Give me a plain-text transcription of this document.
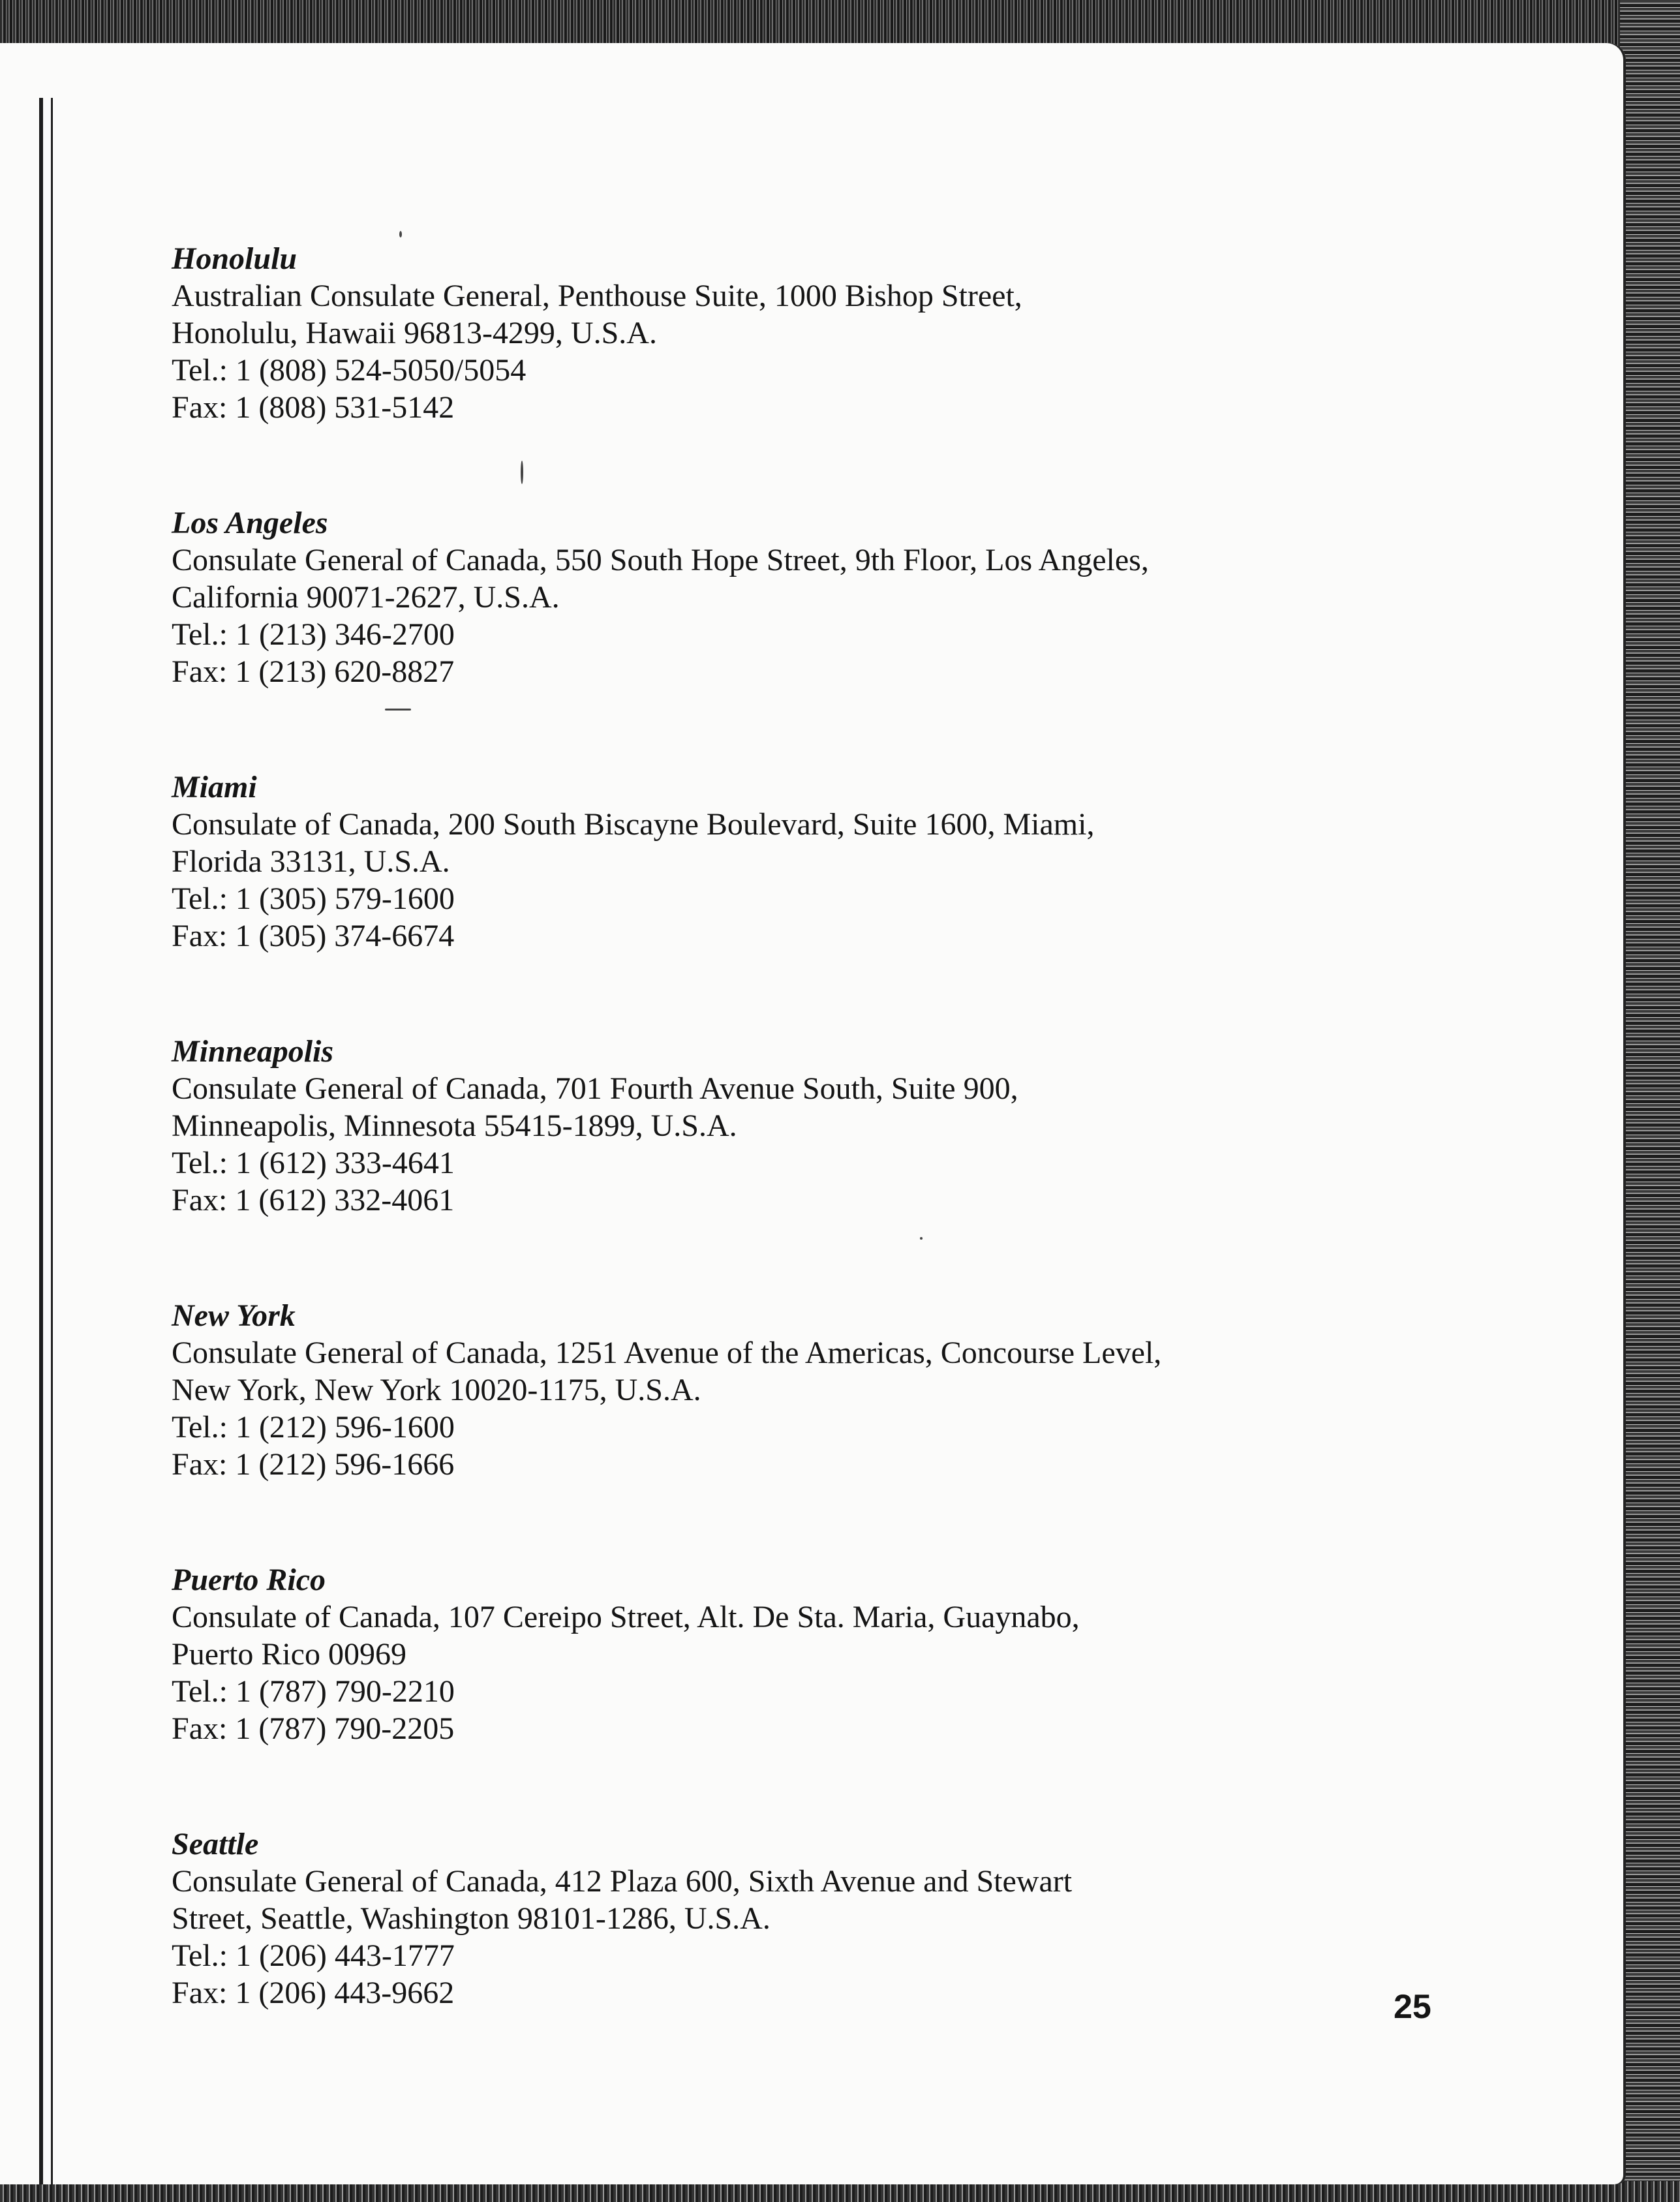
Honolulu
Australian Consulate General, Penthouse Suite, 1000 Bishop Street,
Honolulu, Hawaii 96813-4299, U.S.A.
Tel.: 1 (808) 524-5050/5054
Fax: 1 (808) 531-5142
Los Angeles
Consulate General of Canada, 550 South Hope Street, 9th Floor, Los Angeles,
California 90071-2627, U.S.A.
Tel.: 1 (213) 346-2700
Fax: 1 (213) 620-8827
Miami
Consulate of Canada, 200 South Biscayne Boulevard, Suite 1600, Miami,
Florida 33131, U.S.A.
Tel.: 1 (305) 579-1600
Fax: 1 (305) 374-6674
Minneapolis
Consulate General of Canada, 701 Fourth Avenue South, Suite 900,
Minneapolis, Minnesota 55415-1899, U.S.A.
Tel.: 1 (612) 333-4641
Fax: 1 (612) 332-4061
New York
Consulate General of Canada, 1251 Avenue of the Americas, Concourse Level,
New York, New York 10020-1175, U.S.A.
Tel.: 1 (212) 596-1600
Fax: 1 (212) 596-1666
Puerto Rico
Consulate of Canada, 107 Cereipo Street, Alt. De Sta. Maria, Guaynabo,
Puerto Rico 00969
Tel.: 1 (787) 790-2210
Fax: 1 (787) 790-2205
Seattle
Consulate General of Canada, 412 Plaza 600, Sixth Avenue and Stewart
Street, Seattle, Washington 98101-1286, U.S.A.
Tel.: 1 (206) 443-1777
Fax: 1 (206) 443-9662	25
